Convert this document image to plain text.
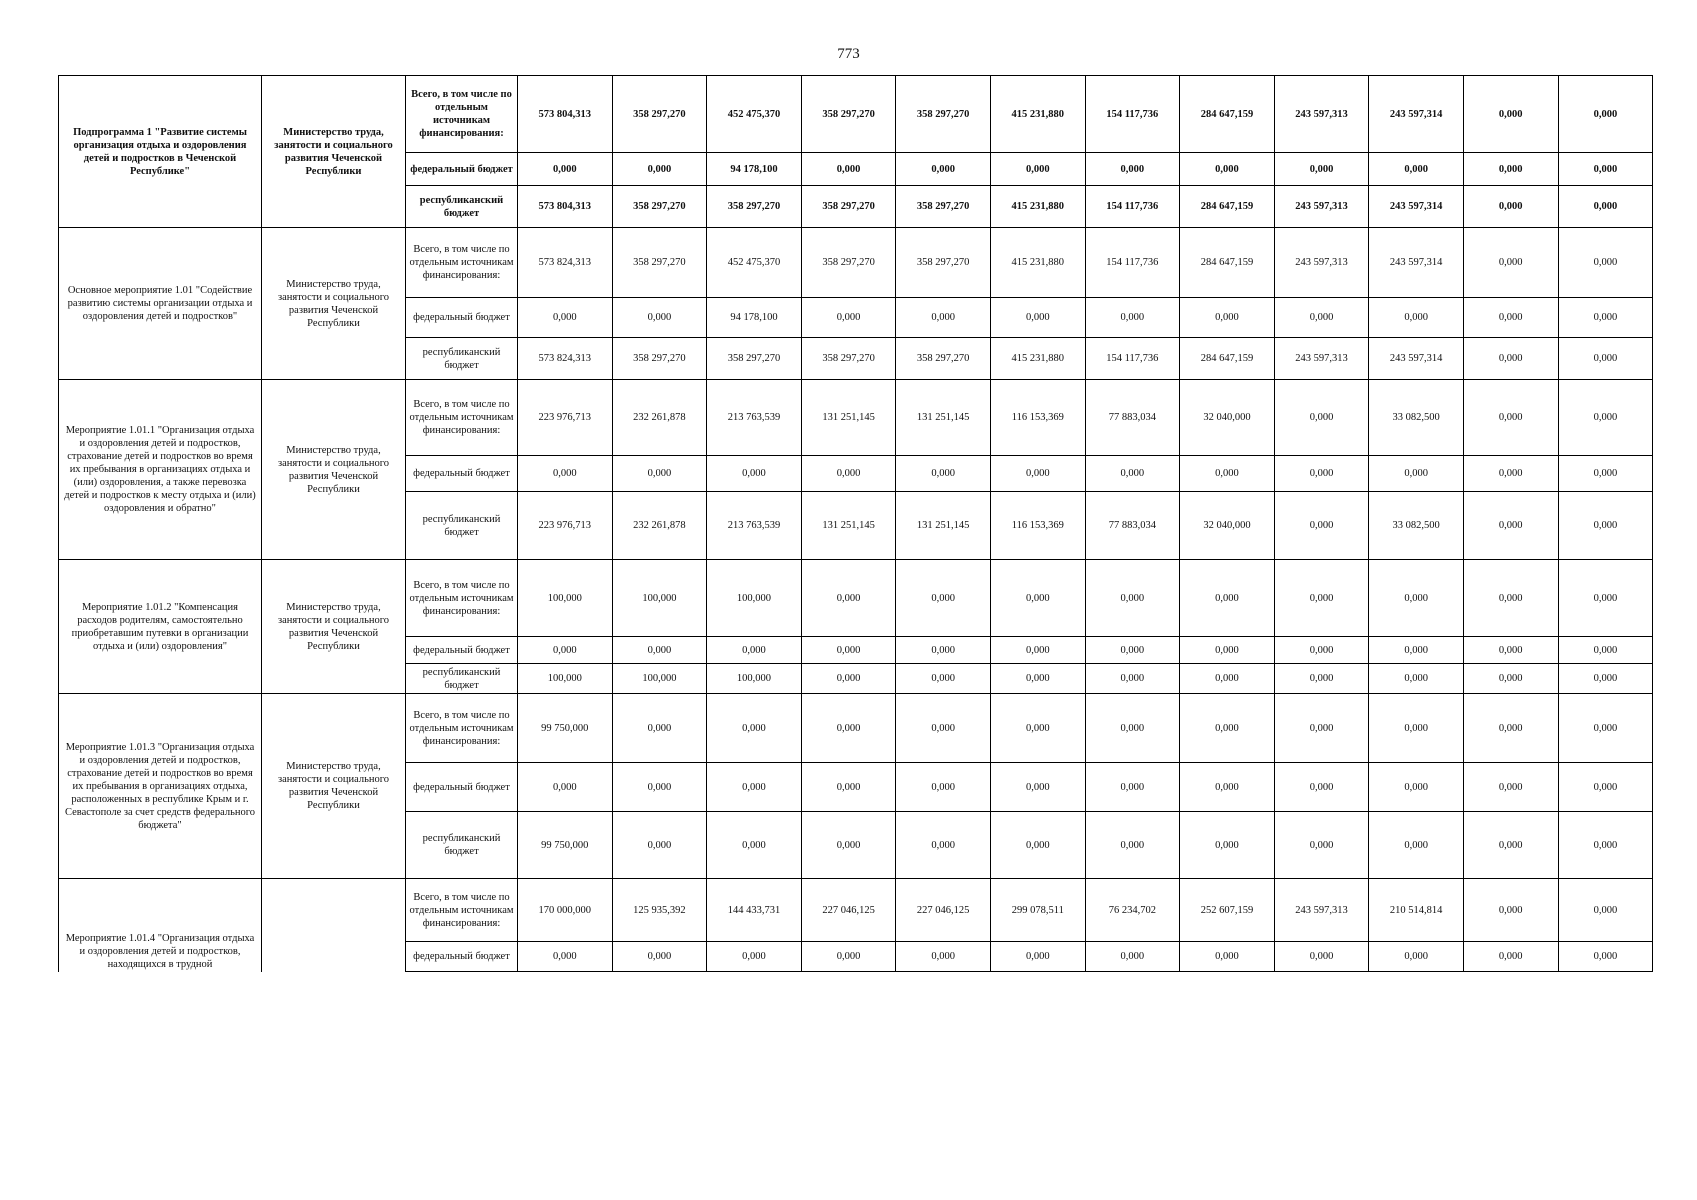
773
Подпрограмма 1 "Развитие системы организация отдыха и оздоровления детей и подростков в Чеченской Республике"	Министерство труда, занятости и социального развития Чеченской Республики	Всего, в том числе по отдельным источникам финансирования:	573 804,313	358 297,270	452 475,370	358 297,270	358 297,270	415 231,880	154 117,736	284 647,159	243 597,313	243 597,314	0,000	0,000
		федеральный бюджет	0,000	0,000	94 178,100	0,000	0,000	0,000	0,000	0,000	0,000	0,000	0,000	0,000
		республиканский бюджет	573 804,313	358 297,270	358 297,270	358 297,270	358 297,270	415 231,880	154 117,736	284 647,159	243 597,313	243 597,314	0,000	0,000
Основное мероприятие 1.01 "Содействие развитию системы организации отдыха и оздоровления детей и подростков"	Министерство труда, занятости и социального развития Чеченской Республики	Всего, в том числе по отдельным источникам финансирования:	573 824,313	358 297,270	452 475,370	358 297,270	358 297,270	415 231,880	154 117,736	284 647,159	243 597,313	243 597,314	0,000	0,000
		федеральный бюджет	0,000	0,000	94 178,100	0,000	0,000	0,000	0,000	0,000	0,000	0,000	0,000	0,000
		республиканский бюджет	573 824,313	358 297,270	358 297,270	358 297,270	358 297,270	415 231,880	154 117,736	284 647,159	243 597,313	243 597,314	0,000	0,000
Мероприятие 1.01.1 "Организация отдыха и оздоровления детей и подростков, страхование детей и подростков во время их пребывания в организациях отдыха и (или) оздоровления, а также перевозка детей и подростков к месту отдыха и (или) оздоровления и обратно"	Министерство труда, занятости и социального развития Чеченской Республики	Всего, в том числе по отдельным источникам финансирования:	223 976,713	232 261,878	213 763,539	131 251,145	131 251,145	116 153,369	77 883,034	32 040,000	0,000	33 082,500	0,000	0,000
		федеральный бюджет	0,000	0,000	0,000	0,000	0,000	0,000	0,000	0,000	0,000	0,000	0,000	0,000
		республиканский бюджет	223 976,713	232 261,878	213 763,539	131 251,145	131 251,145	116 153,369	77 883,034	32 040,000	0,000	33 082,500	0,000	0,000
Мероприятие 1.01.2 "Компенсация расходов родителям, самостоятельно приобретавшим путевки в организации отдыха и (или) оздоровления"	Министерство труда, занятости и социального развития Чеченской Республики	Всего, в том числе по отдельным источникам финансирования:	100,000	100,000	100,000	0,000	0,000	0,000	0,000	0,000	0,000	0,000	0,000	0,000
		федеральный бюджет	0,000	0,000	0,000	0,000	0,000	0,000	0,000	0,000	0,000	0,000	0,000	0,000
		республиканский бюджет	100,000	100,000	100,000	0,000	0,000	0,000	0,000	0,000	0,000	0,000	0,000	0,000
Мероприятие 1.01.3 "Организация отдыха и оздоровления детей и подростков, страхование детей и подростков во время их пребывания в организациях отдыха, расположенных в республике Крым и г. Севастополе за счет средств федерального бюджета"	Министерство труда, занятости и социального развития Чеченской Республики	Всего, в том числе по отдельным источникам финансирования:	99 750,000	0,000	0,000	0,000	0,000	0,000	0,000	0,000	0,000	0,000	0,000	0,000
		федеральный бюджет	0,000	0,000	0,000	0,000	0,000	0,000	0,000	0,000	0,000	0,000	0,000	0,000
		республиканский бюджет	99 750,000	0,000	0,000	0,000	0,000	0,000	0,000	0,000	0,000	0,000	0,000	0,000
Мероприятие 1.01.4 "Организация отдыха и оздоровления детей и подростков, находящихся в трудной		Всего, в том числе по отдельным источникам финансирования:	170 000,000	125 935,392	144 433,731	227 046,125	227 046,125	299 078,511	76 234,702	252 607,159	243 597,313	210 514,814	0,000	0,000
		федеральный бюджет	0,000	0,000	0,000	0,000	0,000	0,000	0,000	0,000	0,000	0,000	0,000	0,000
